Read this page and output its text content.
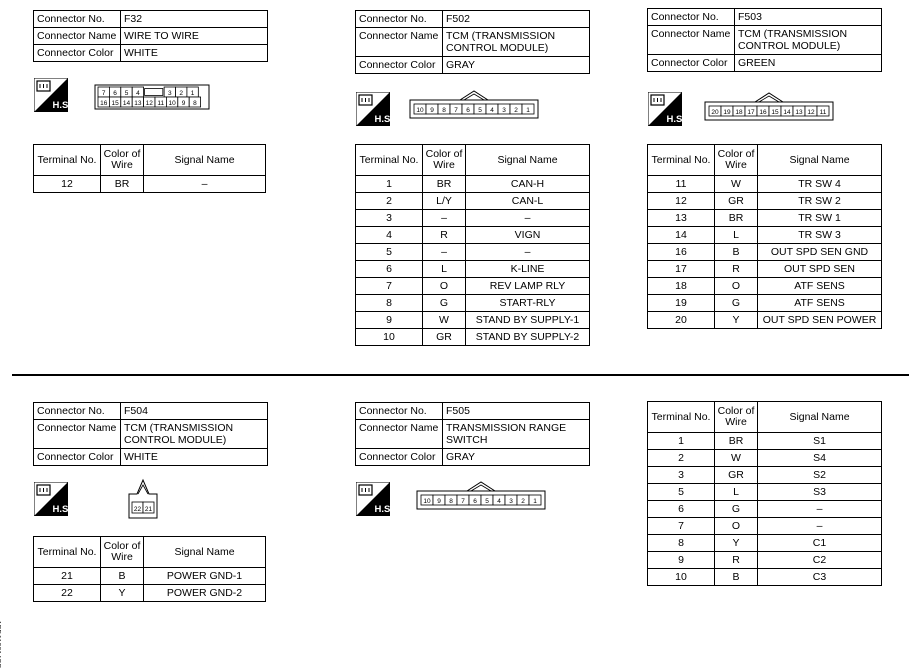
Connector No.	F32
Connector Name	WIRE TO WIRE
Connector Color	WHITE
Connector No.	F502
Connector Name	TCM (TRANSMISSION CONTROL MODULE)
Connector Color	GRAY
Connector No.	F503
Connector Name	TCM (TRANSMISSION CONTROL MODULE)
Connector Color	GREEN
Connector No.	F504
Connector Name	TCM (TRANSMISSION CONTROL MODULE)
Connector Color	WHITE
Connector No.	F505
Connector Name	TRANSMISSION RANGE SWITCH
Connector Color	GRAY
7 6 5 4	3 2 1
16 15 14 13 12 11 10 9 8
10 9 8 7 6 5 4 3 2 1	20 19 18 17 16 15 14 13 12 11
22 21
10 9 8 7 6 5 4 3 2 1
Terminal No.	Color of Wire	Signal Name
12	BR	–
Terminal No.	Color of Wire	Signal Name
1	BR	CAN-H
2	L/Y	CAN-L
3	–	–
4	R	VIGN
5	–	–
6	L	K-LINE
7	O	REV LAMP RLY
8	G	START-RLY
9	W	STAND BY SUPPLY-1
10	GR	STAND BY SUPPLY-2
Terminal No.	Color of Wire	Signal Name
11	W	TR SW 4
12	GR	TR SW 2
13	BR	TR SW 1
14	L	TR SW 3
16	B	OUT SPD SEN GND
17	R	OUT SPD SEN
18	O	ATF SENS
19	G	ATF SENS
20	Y	OUT SPD SEN POWER
Terminal No.	Color of Wire	Signal Name
21	B	POWER GND-1
22	Y	POWER GND-2
Terminal No.	Color of Wire	Signal Name
1	BR	S1
2	W	S4
3	GR	S2
5	L	S3
6	G	–
7	O	–
8	Y	C1
9	R	C2
10	B	C3
